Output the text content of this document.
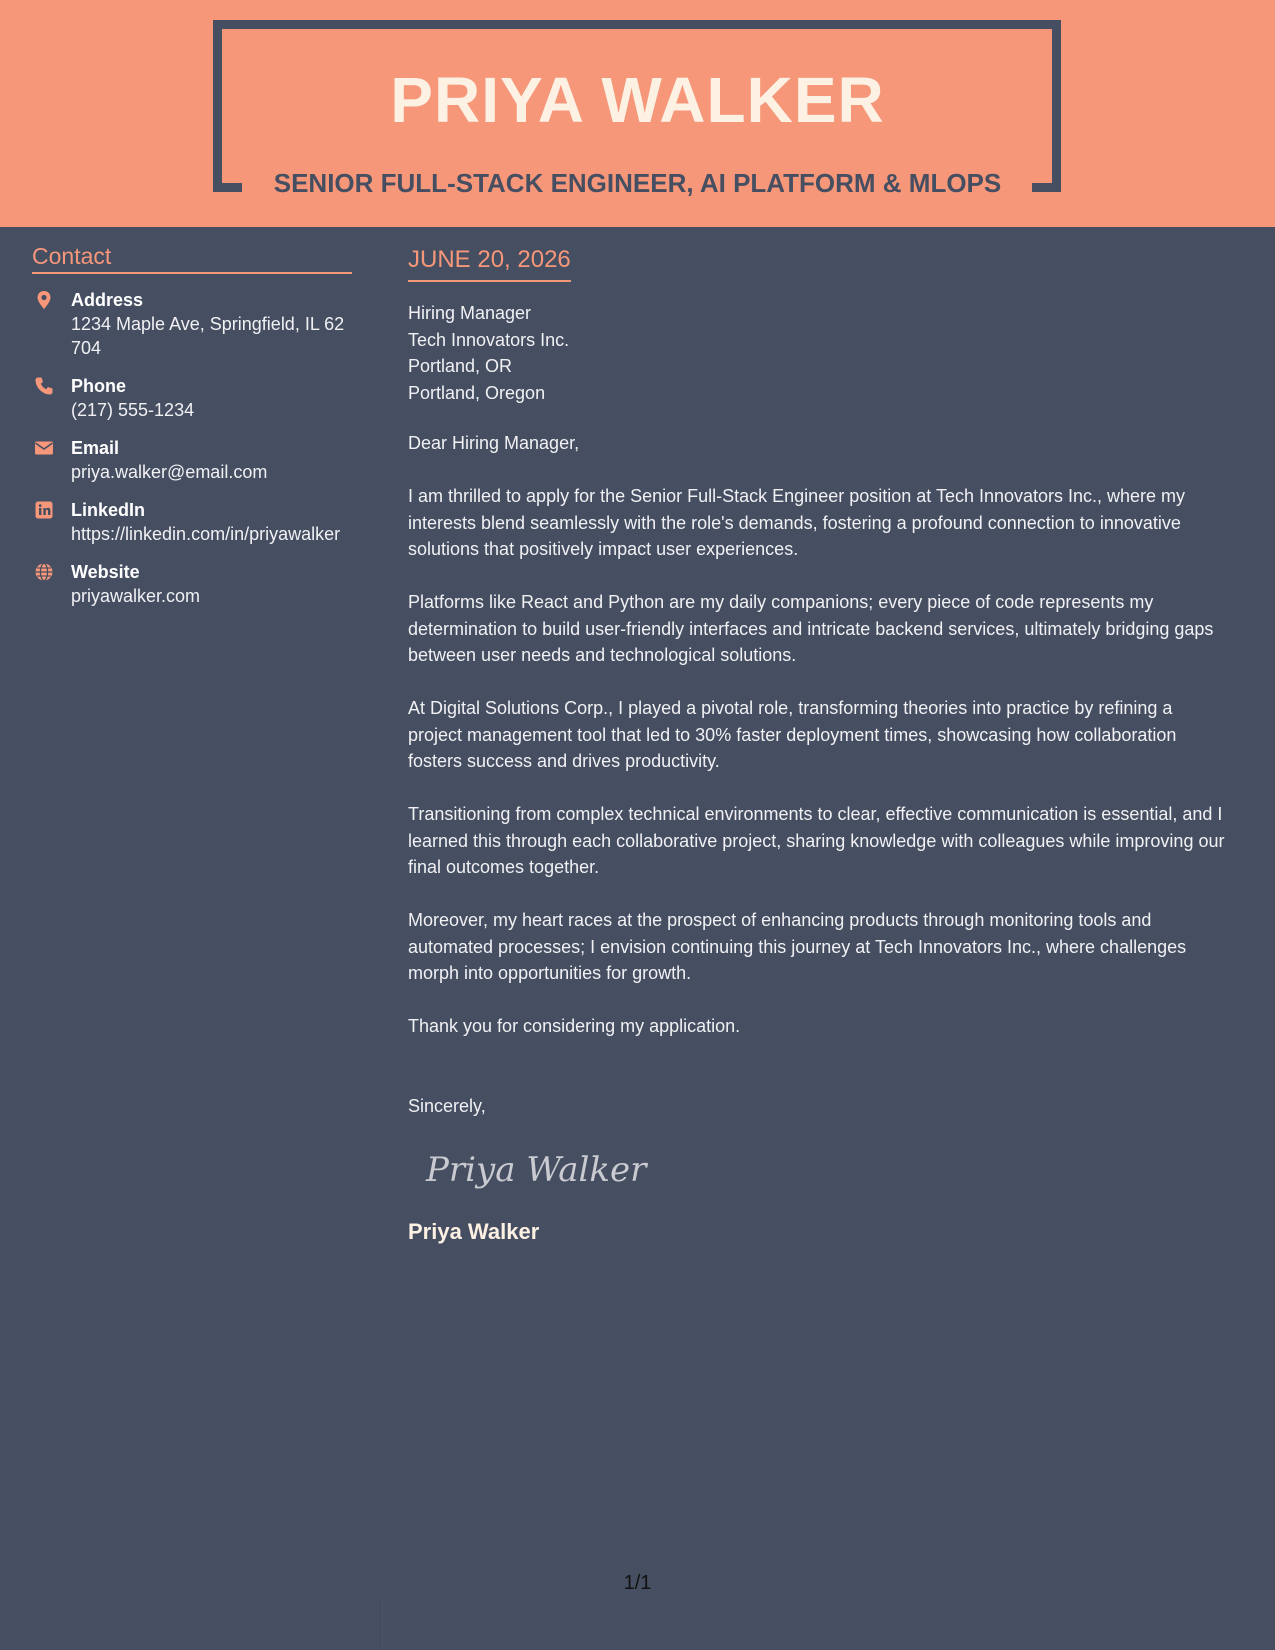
PRIYA WALKER
SENIOR FULL-STACK ENGINEER, AI PLATFORM & MLOPS
Contact
Address
1234 Maple Ave, Springfield, IL 62704
Phone
(217) 555-1234
Email
priya.walker@email.com
LinkedIn
https://linkedin.com/in/priyawalker
Website
priyawalker.com
JUNE 20, 2026
Hiring Manager
Tech Innovators Inc.
Portland, OR
Portland, Oregon

Dear Hiring Manager,

I am thrilled to apply for the Senior Full-Stack Engineer position at Tech Innovators Inc., where my interests blend seamlessly with the role's demands, fostering a profound connection to innovative solutions that positively impact user experiences.

Platforms like React and Python are my daily companions; every piece of code represents my determination to build user-friendly interfaces and intricate backend services, ultimately bridging gaps between user needs and technological solutions.

At Digital Solutions Corp., I played a pivotal role, transforming theories into practice by refining a project management tool that led to 30% faster deployment times, showcasing how collaboration fosters success and drives productivity.

Transitioning from complex technical environments to clear, effective communication is essential, and I learned this through each collaborative project, sharing knowledge with colleagues while improving our final outcomes together.

Moreover, my heart races at the prospect of enhancing products through monitoring tools and automated processes; I envision continuing this journey at Tech Innovators Inc., where challenges morph into opportunities for growth.

Thank you for considering my application.

Sincerely,
Priya Walker
Priya Walker
1/1
